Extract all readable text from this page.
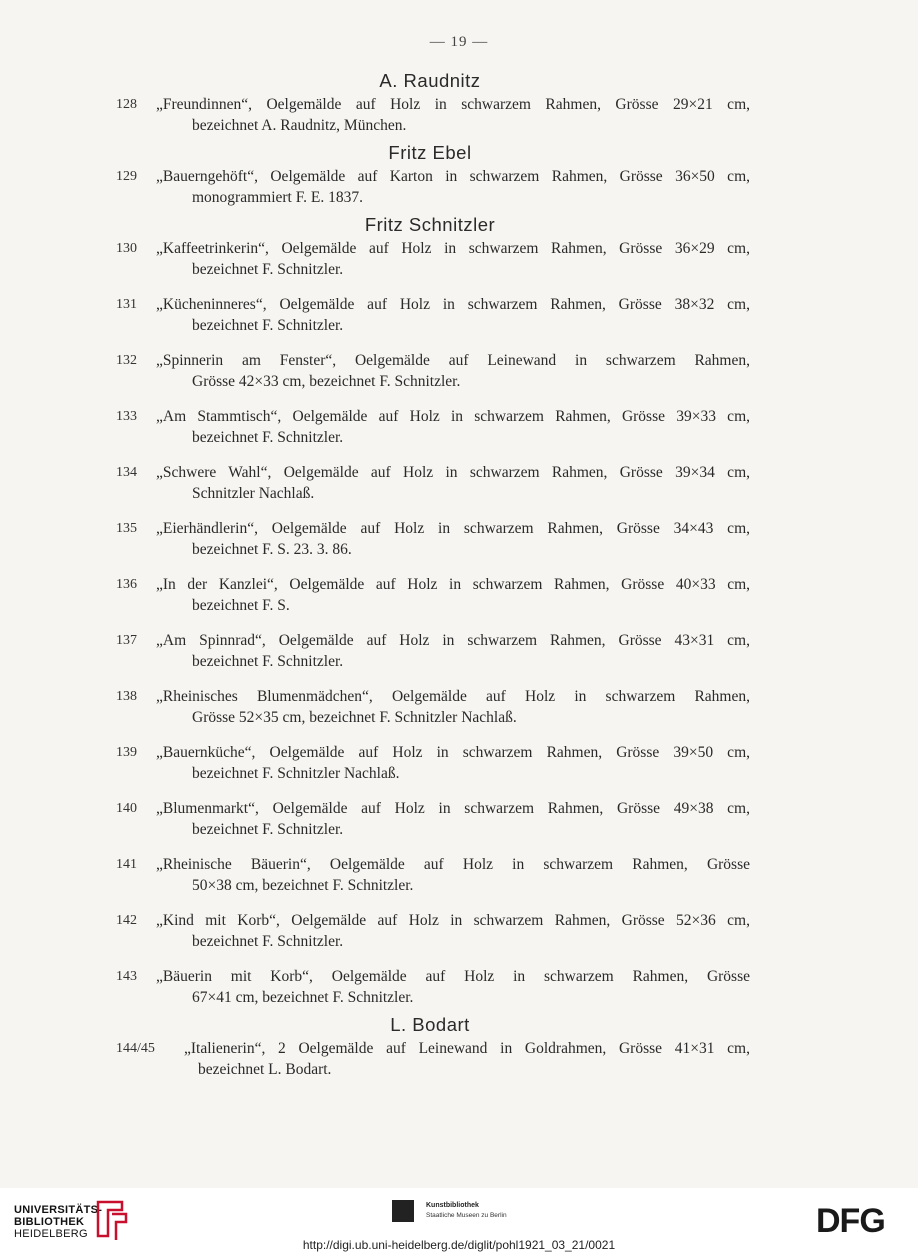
— 19 —
A. Raudnitz
128 „Freundinnen“, Oelgemälde auf Holz in schwarzem Rahmen, Grösse 29×21 cm,
bezeichnet A. Raudnitz, München.
Fritz Ebel
129 „Bauerngehöft“, Oelgemälde auf Karton in schwarzem Rahmen, Grösse 36×50 cm,
monogrammiert F. E. 1837.
Fritz Schnitzler
130 „Kaffeetrinkerin“, Oelgemälde auf Holz in schwarzem Rahmen, Grösse 36×29 cm,
bezeichnet F. Schnitzler.
131 „Kücheninneres“, Oelgemälde auf Holz in schwarzem Rahmen, Grösse 38×32 cm,
bezeichnet F. Schnitzler.
132 „Spinnerin am Fenster“, Oelgemälde auf Leinewand in schwarzem Rahmen,
Grösse 42×33 cm, bezeichnet F. Schnitzler.
133 „Am Stammtisch“, Oelgemälde auf Holz in schwarzem Rahmen, Grösse 39×33 cm,
bezeichnet F. Schnitzler.
134 „Schwere Wahl“, Oelgemälde auf Holz in schwarzem Rahmen, Grösse 39×34 cm,
Schnitzler Nachlaß.
135 „Eierhändlerin“, Oelgemälde auf Holz in schwarzem Rahmen, Grösse 34×43 cm,
bezeichnet F. S. 23. 3. 86.
136 „In der Kanzlei“, Oelgemälde auf Holz in schwarzem Rahmen, Grösse 40×33 cm,
bezeichnet F. S.
137 „Am Spinnrad“, Oelgemälde auf Holz in schwarzem Rahmen, Grösse 43×31 cm,
bezeichnet F. Schnitzler.
138 „Rheinisches Blumenmädchen“, Oelgemälde auf Holz in schwarzem Rahmen,
Grösse 52×35 cm, bezeichnet F. Schnitzler Nachlaß.
139 „Bauernküche“, Oelgemälde auf Holz in schwarzem Rahmen, Grösse 39×50 cm,
bezeichnet F. Schnitzler Nachlaß.
140 „Blumenmarkt“, Oelgemälde auf Holz in schwarzem Rahmen, Grösse 49×38 cm,
bezeichnet F. Schnitzler.
141 „Rheinische Bäuerin“, Oelgemälde auf Holz in schwarzem Rahmen, Grösse
50×38 cm, bezeichnet F. Schnitzler.
142 „Kind mit Korb“, Oelgemälde auf Holz in schwarzem Rahmen, Grösse 52×36 cm,
bezeichnet F. Schnitzler.
143 „Bäuerin mit Korb“, Oelgemälde auf Holz in schwarzem Rahmen, Grösse
67×41 cm, bezeichnet F. Schnitzler.
L. Bodart
144/45 „Italienerin“, 2 Oelgemälde auf Leinewand in Goldrahmen, Grösse 41×31 cm,
bezeichnet L. Bodart.
UNIVERSITÄTS-
BIBLIOTHEK
HEIDELBERG
Kunstbibliothek
Staatliche Museen zu Berlin	DFG
http://digi.ub.uni-heidelberg.de/diglit/pohl1921_03_21/0021
